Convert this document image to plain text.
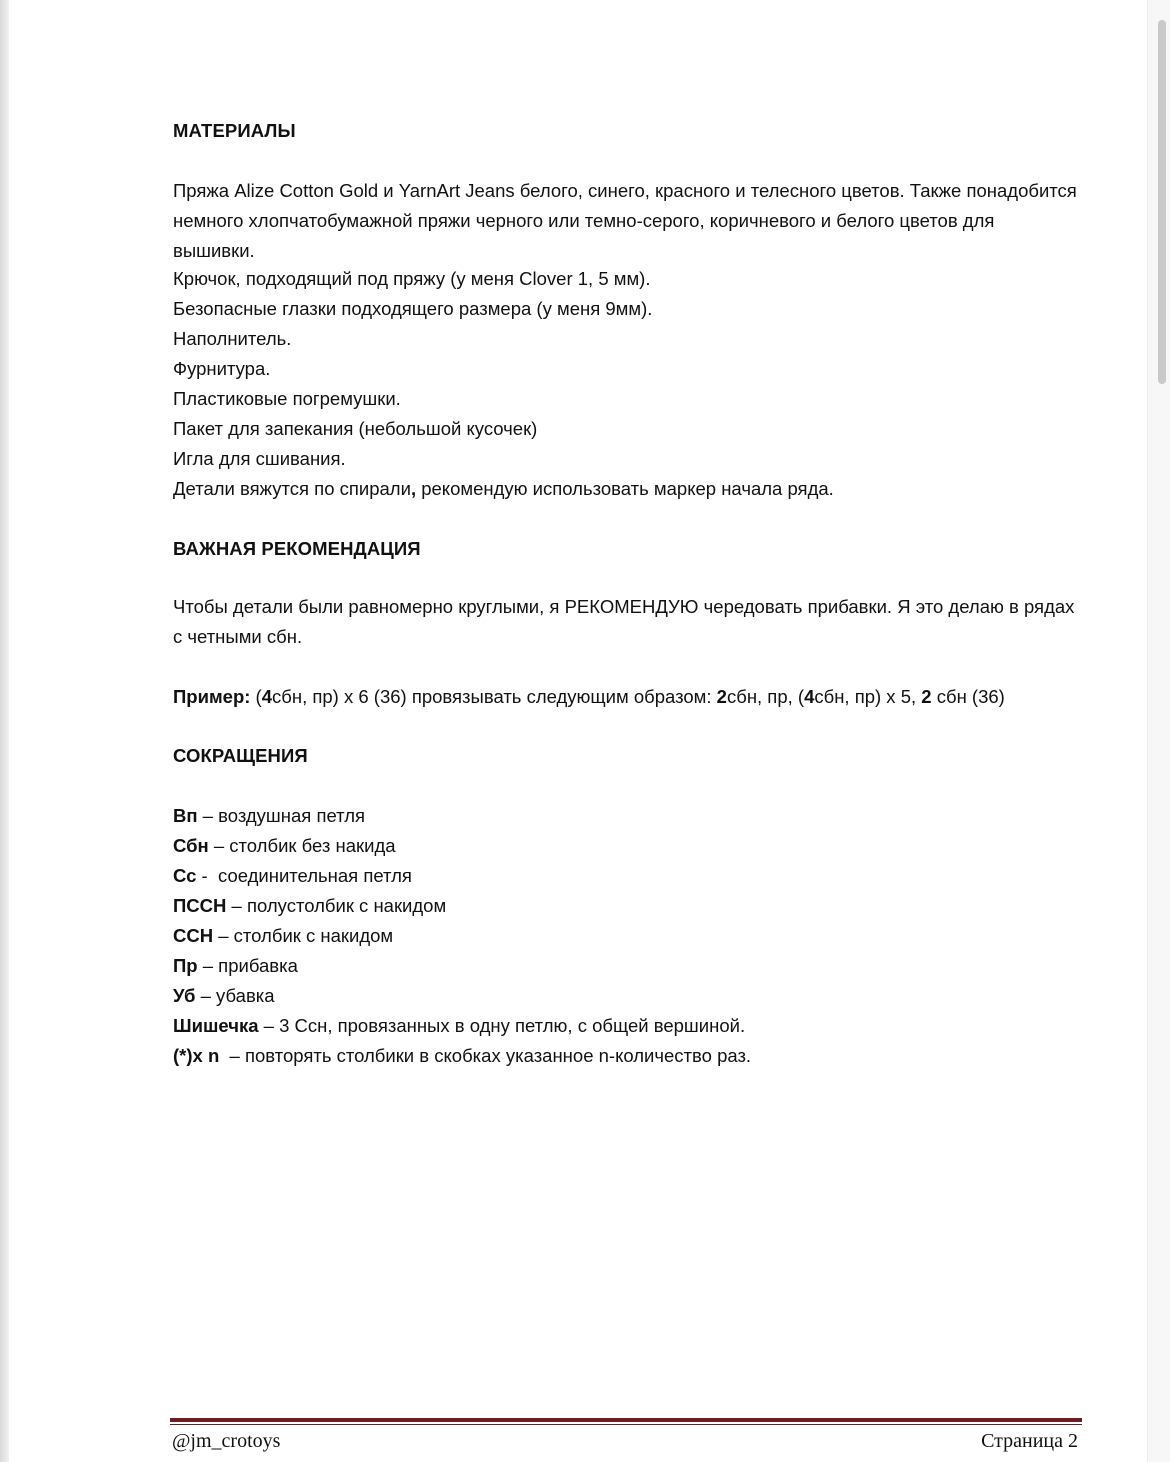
МАТЕРИАЛЫ
Пряжа Alize Cotton Gold и YarnArt Jeans белого, синего, красного и телесного цветов. Также понадобится немного хлопчатобумажной пряжи черного или темно-серого, коричневого и белого цветов для вышивки.
Крючок, подходящий под пряжу (у меня Clover 1, 5 мм).
Безопасные глазки подходящего размера (у меня 9мм).
Наполнитель.
Фурнитура.
Пластиковые погремушки.
Пакет для запекания (небольшой кусочек)
Игла для сшивания.
Детали вяжутся по спирали, рекомендую использовать маркер начала ряда.
ВАЖНАЯ РЕКОМЕНДАЦИЯ
Чтобы детали были равномерно круглыми, я РЕКОМЕНДУЮ чередовать прибавки. Я это делаю в рядах с четными сбн.
Пример: (4сбн, пр) х 6 (36) провязывать следующим образом: 2сбн, пр, (4сбн, пр) х 5, 2 сбн (36)
СОКРАЩЕНИЯ
Вп – воздушная петля
Сбн – столбик без накида
Сс -  соединительная петля
ПССН – полустолбик с накидом
ССН – столбик с накидом
Пр – прибавка
Уб – убавка
Шишечка – 3 Ссн, провязанных в одну петлю, с общей вершиной.
(*)х n  – повторять столбики в скобках указанное n-количество раз.
@jm_crotoys	Страница 2
